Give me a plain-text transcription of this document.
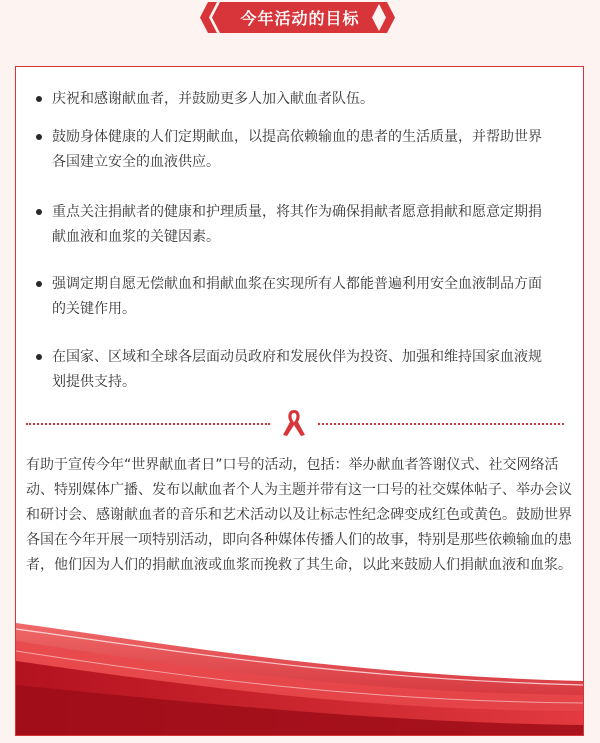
今年活动的目标
庆祝和感谢献血者，并鼓励更多人加入献血者队伍。
鼓励身体健康的人们定期献血，以提高依赖输血的患者的生活质量，并帮助世界各国建立安全的血液供应。
重点关注捐献者的健康和护理质量，将其作为确保捐献者愿意捐献和愿意定期捐献血液和血浆的关键因素。
强调定期自愿无偿献血和捐献血浆在实现所有人都能普遍利用安全血液制品方面的关键作用。
在国家、区域和全球各层面动员政府和发展伙伴为投资、加强和维持国家血液规划提供支持。

有助于宣传今年“世界献血者日”口号的活动，包括：举办献血者答谢仪式、社交网络活动、特别媒体广播、发布以献血者个人为主题并带有这一口号的社交媒体帖子、举办会议和研讨会、感谢献血者的音乐和艺术活动以及让标志性纪念碑变成红色或黄色。鼓励世界各国在今年开展一项特别活动，即向各种媒体传播人们的故事，特别是那些依赖输血的患者，他们因为人们的捐献血液或血浆而挽救了其生命，以此来鼓励人们捐献血液和血浆。
